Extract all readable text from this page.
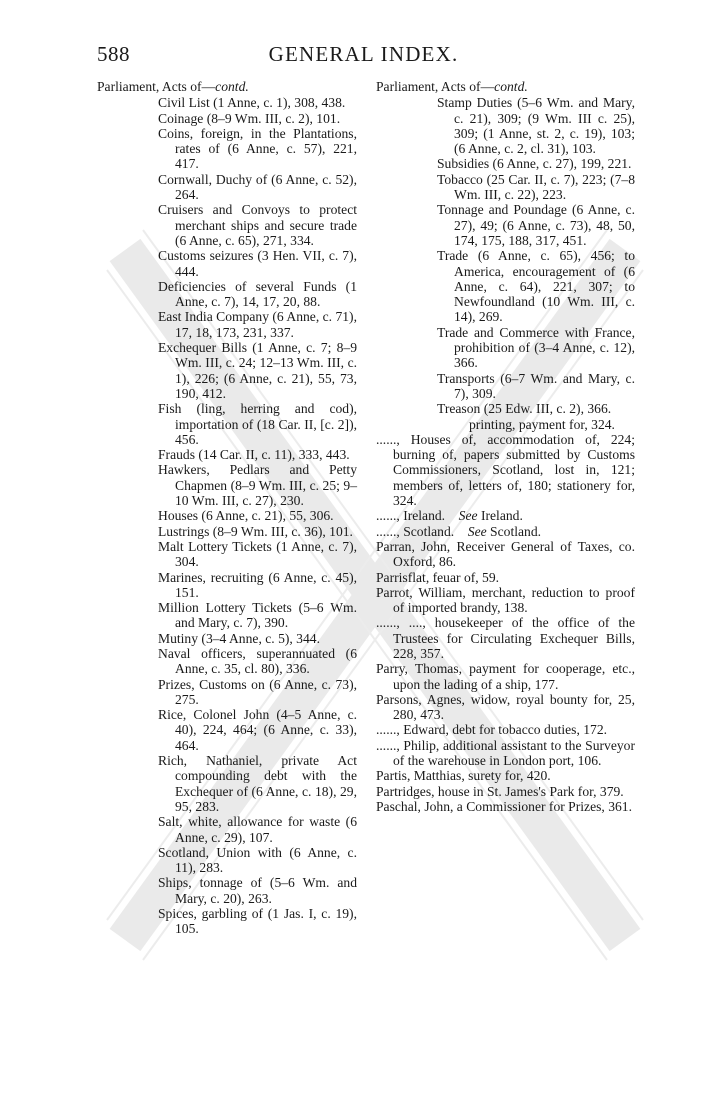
588	GENERAL INDEX.

Parliament, Acts of—contd.

Civil List (1 Anne, c. 1), 308, 438.

Coinage (8–9 Wm. III, c. 2), 101.

Coins, foreign, in the Plantations, rates of (6 Anne, c. 57), 221, 417.

Cornwall, Duchy of (6 Anne, c. 52), 264.

Cruisers and Convoys to protect merchant ships and secure trade (6 Anne, c. 65), 271, 334.

Customs seizures (3 Hen. VII, c. 7), 444.

Deficiencies of several Funds (1 Anne, c. 7), 14, 17, 20, 88.

East India Company (6 Anne, c. 71), 17, 18, 173, 231, 337.

Exchequer Bills (1 Anne, c. 7; 8–9 Wm. III, c. 24; 12–13 Wm. III, c. 1), 226; (6 Anne, c. 21), 55, 73, 190, 412.

Fish (ling, herring and cod), importation of (18 Car. II, [c. 2]), 456.

Frauds (14 Car. II, c. 11), 333, 443.

Hawkers, Pedlars and Petty Chapmen (8–9 Wm. III, c. 25; 9–10 Wm. III, c. 27), 230.

Houses (6 Anne, c. 21), 55, 306.

Lustrings (8–9 Wm. III, c. 36), 101.

Malt Lottery Tickets (1 Anne, c. 7), 304.

Marines, recruiting (6 Anne, c. 45), 151.

Million Lottery Tickets (5–6 Wm. and Mary, c. 7), 390.

Mutiny (3–4 Anne, c. 5), 344.

Naval officers, superannuated (6 Anne, c. 35, cl. 80), 336.

Prizes, Customs on (6 Anne, c. 73), 275.

Rice, Colonel John (4–5 Anne, c. 40), 224, 464; (6 Anne, c. 33), 464.

Rich, Nathaniel, private Act compounding debt with the Exchequer of (6 Anne, c. 18), 29, 95, 283.

Salt, white, allowance for waste (6 Anne, c. 29), 107.

Scotland, Union with (6 Anne, c. 11), 283.

Ships, tonnage of (5–6 Wm. and Mary, c. 20), 263.

Spices, garbling of (1 Jas. I, c. 19), 105.

Parliament, Acts of—contd.

Stamp Duties (5–6 Wm. and Mary, c. 21), 309; (9 Wm. III c. 25), 309; (1 Anne, st. 2, c. 19), 103; (6 Anne, c. 2, cl. 31), 103.

Subsidies (6 Anne, c. 27), 199, 221.

Tobacco (25 Car. II, c. 7), 223; (7–8 Wm. III, c. 22), 223.

Tonnage and Poundage (6 Anne, c. 27), 49; (6 Anne, c. 73), 48, 50, 174, 175, 188, 317, 451.

Trade (6 Anne, c. 65), 456; to America, encouragement of (6 Anne, c. 64), 221, 307; to Newfoundland (10 Wm. III, c. 14), 269.

Trade and Commerce with France, prohibition of (3–4 Anne, c. 12), 366.

Transports (6–7 Wm. and Mary, c. 7), 309.

Treason (25 Edw. III, c. 2), 366.

printing, payment for, 324.

......, Houses of, accommodation of, 224; burning of, papers submitted by Customs Commissioners, Scotland, lost in, 121; members of, letters of, 180; stationery for, 324.

......, Ireland.  See Ireland.

......, Scotland.  See Scotland.

Parran, John, Receiver General of Taxes, co. Oxford, 86.

Parrisflat, feuar of, 59.

Parrot, William, merchant, reduction to proof of imported brandy, 138.

......, ...., housekeeper of the office of the Trustees for Circulating Exchequer Bills, 228, 357.

Parry, Thomas, payment for cooperage, etc., upon the lading of a ship, 177.

Parsons, Agnes, widow, royal bounty for, 25, 280, 473.

......, Edward, debt for tobacco duties, 172.

......, Philip, additional assistant to the Surveyor of the warehouse in London port, 106.

Partis, Matthias, surety for, 420.

Partridges, house in St. James's Park for, 379.

Paschal, John, a Commissioner for Prizes, 361.
